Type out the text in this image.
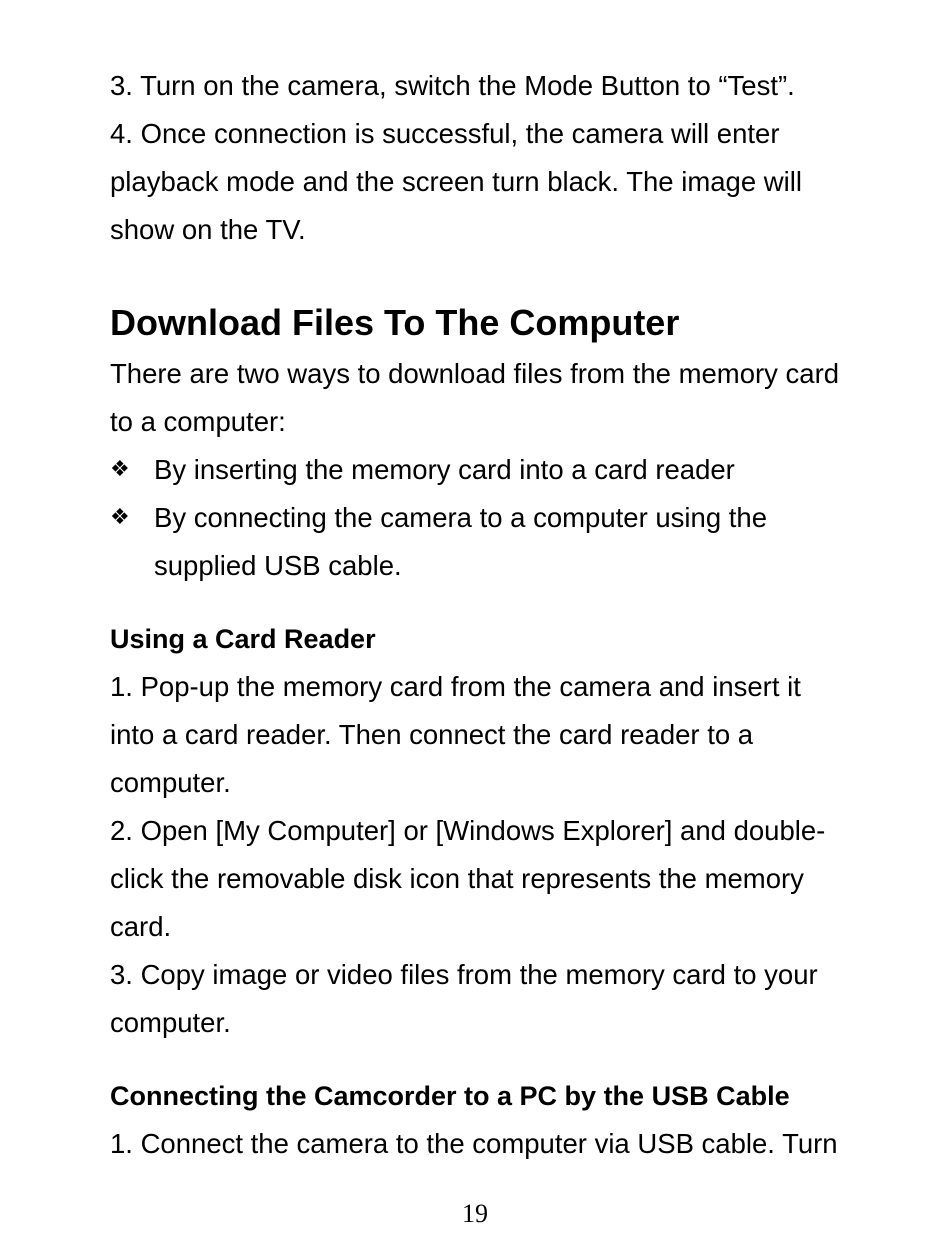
3. Turn on the camera, switch the Mode Button to “Test”.

4. Once connection is successful, the camera will enter

playback mode and the screen turn black. The image will

show on the TV.

Download Files To The Computer

There are two ways to download files from the memory card

to a computer:

❖ By inserting the memory card into a card reader
❖ By connecting the camera to a computer using the
supplied USB cable.
Using a Card Reader

1. Pop-up the memory card from the camera and insert it

into a card reader. Then connect the card reader to a

computer.

2. Open [My Computer] or [Windows Explorer] and double-

click the removable disk icon that represents the memory

card.

3. Copy image or video files from the memory card to your

computer.

Connecting the Camcorder to a PC by the USB Cable

1. Connect the camera to the computer via USB cable. Turn

19
